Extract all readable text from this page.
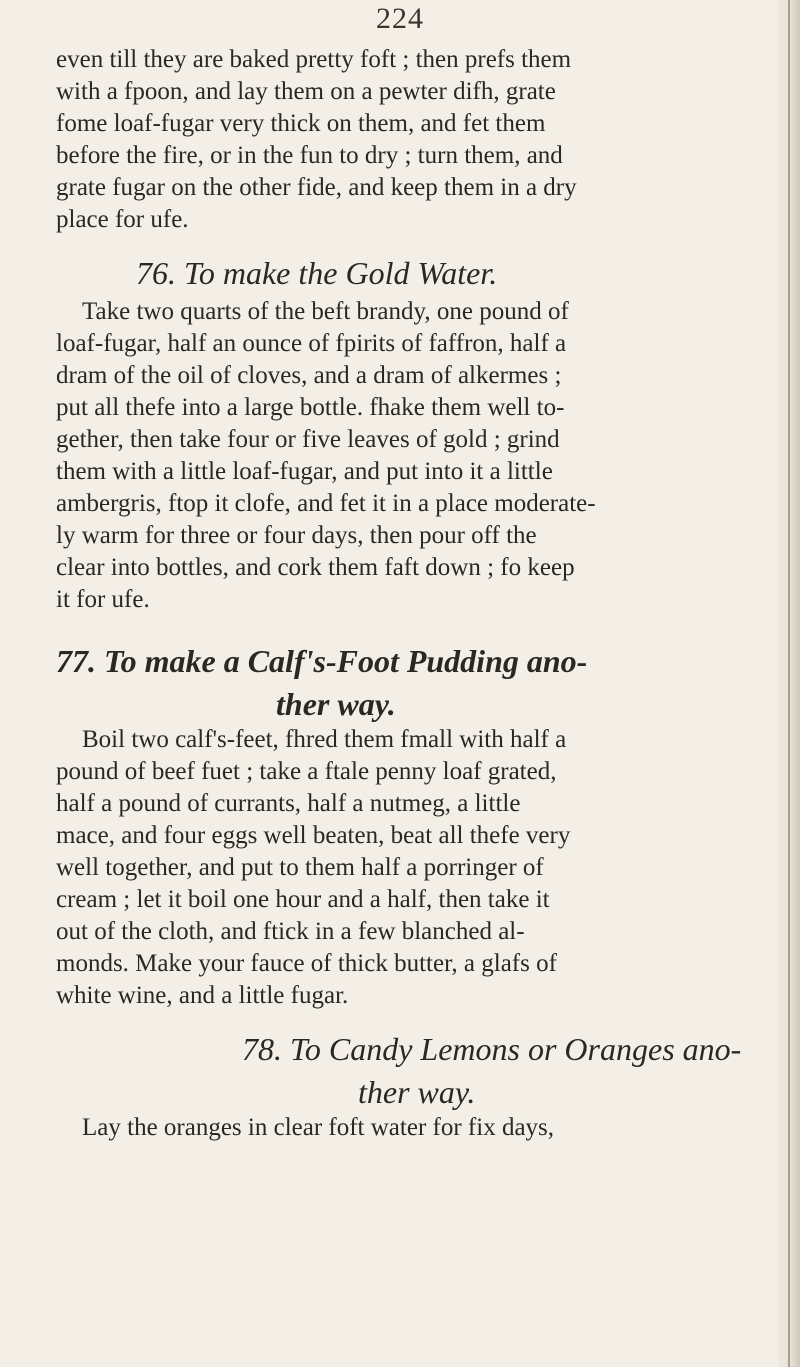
224
even till they are baked pretty foft ; then prefs them
with a fpoon, and lay them on a pewter difh, grate
fome loaf-fugar very thick on them, and fet them
before the fire, or in the fun to dry ; turn them, and
grate fugar on the other fide, and keep them in a dry
place for ufe.
76. To make the Gold Water.
Take two quarts of the beft brandy, one pound of
loaf-fugar, half an ounce of fpirits of faffron, half a
dram of the oil of cloves, and a dram of alkermes ;
put all thefe into a large bottle. fhake them well to-
gether, then take four or five leaves of gold ; grind
them with a little loaf-fugar, and put into it a little
ambergris, ftop it clofe, and fet it in a place moderate-
ly warm for three or four days, then pour off the
clear into bottles, and cork them faft down ; fo keep
it for ufe.
77. To make a Calf's-Foot Pudding ano-
ther way.
Boil two calf's-feet, fhred them fmall with half a
pound of beef fuet ; take a ftale penny loaf grated,
half a pound of currants, half a nutmeg, a little
mace, and four eggs well beaten, beat all thefe very
well together, and put to them half a porringer of
cream ; let it boil one hour and a half, then take it
out of the cloth, and ftick in a few blanched al-
monds. Make your fauce of thick butter, a glafs of
white wine, and a little fugar.
78. To Candy Lemons or Oranges ano-
ther way.
Lay the oranges in clear foft water for fix days,
